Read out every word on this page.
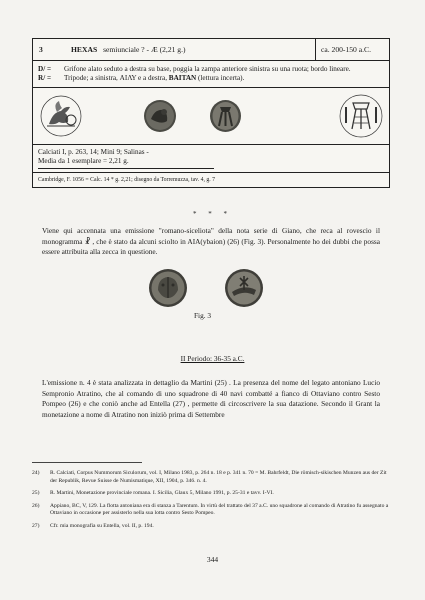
3	HEXAS semiunciale ? - Æ (2,21 g.)	ca. 200-150 a.C.
D/ =	Grifone alato seduto a destra su base, poggia la zampa anteriore sinistra su una ruota; bordo lineare.
R/ =	Tripode; a sinistra, ΑΙΛΥ e a destra, BAITAN (lettura incerta).
Calciati I, p. 263, 14; Minì 9; Salinas -
Media da 1 esemplare = 2,21 g.
Cambridge, F. 1056 = Calc. 14 * g. 2,21; disegno da Torremuzza, tav. 4, g. 7
* * *
Viene qui accennata una emissione "romano-siceliota" della nota serie di Giano, che reca al rovescio il monogramma ☧ , che è stato da alcuni sciolto in AIA(ybaion) (26) (Fig. 3). Personalmente ho dei dubbi che possa essere attribuita alla zecca in questione.
Fig. 3
II Periodo: 36-35 a.C.
L'emissione n. 4 è stata analizzata in dettaglio da Martini (25) . La presenza del nome del legato antoniano Lucio Sempronio Atratino, che al comando di uno squadrone di 40 navi combatté a fianco di Ottaviano contro Sesto Pompeo (26) e che coniò anche ad Entella (27) , permette di circoscrivere la sua datazione. Secondo il Grant la monetazione a nome di Atratino non iniziò prima di Settembre
24)	R. Calciati, Corpus Nummorum Siculorum, vol. I, Milano 1983, p. 264 n. 18 e p. 341 n. 70 = M. Bahrfeldt, Die römisch-sikischen Munzen aus der Zit der Republik, Revue Suisse de Numismatique, XII, 1904, p. 346. n. 4.
25)	R. Martini, Monetazione provinciale romana. I. Sicilia, Glaux 5, Milano 1991, p. 25-31 e tavv. I-VI.
26)	Appiano, BC, V, 129. La flotta antoniana era di stanza a Tarentum. In virtù del trattato del 37 a.C. uno squadrone al comando di Atratino fu assegnato a Ottaviano in occasione per assisterlo nella sua lotta contro Sesto Pompeo.
27)	Cfr. mia monografia su Entella, vol. II, p. 194.
344
